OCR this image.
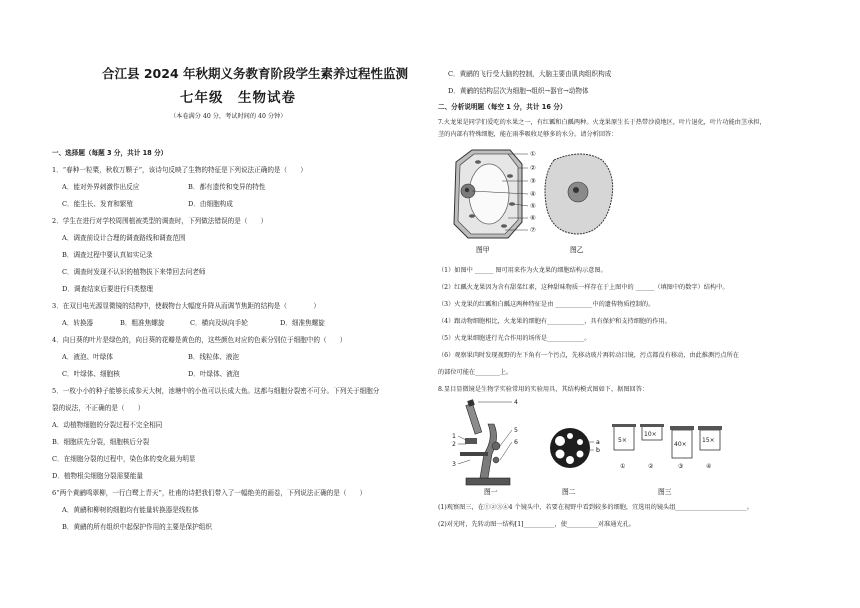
合江县 2024 年秋期义务教育阶段学生素养过程性监测
七年级　生物试卷
（本卷满分 40 分，考试时间的 40 分钟）
一、选择题（每题 3 分，共计 18 分）
1．“春种一粒粟，秋收万颗子”，该诗句反映了生物的特征是下列说法正确的是（　　）
A．能对外界刺激作出反应	B．都有遗传和变异的特性
C．能生长、发育和繁殖	D．由细胞构成
2．学生在进行对学校周围植被类型的调查时，下列做法错误的是（　　）
A．调查前设计合理的调查路线和调查范围
B．调查过程中要认真如实记录
C．调查时发现不认识的植物拔下来带回去问老师
D．调查结束后要进行归类整理
3．在双目电光源显微镜的结构中，使载物台大幅度升降从而调节焦距的结构是（　　　　）
A．转换器	B．粗准焦螺旋	C．横向及纵向手轮	D．细准焦螺旋
4．向日葵的叶片是绿色的，向日葵的花瓣是黄色的，这些颜色对应的色素分别位于细胞中的（　　）
A．液泡、叶绿体	B．线粒体、液泡
C．叶绿体、细胞核	D．叶绿体、液泡
5．一枚小小的种子能够长成参天大树，池塘中的小鱼可以长成大鱼。这都与细胞分裂密不可分。下列关于细胞分
裂的说法，不正确的是（　　）
A．动植物细胞的分裂过程不完全相同
B．细胞质先分裂，细胞核后分裂
C．在细胞分裂的过程中，染色体的变化最为明显
D．植物根尖细胞分裂需要能量
6“两个黄鹂鸣翠柳，一行白鹭上青天”，杜甫的诗把我们带入了一幅绝美的画卷，下列说法正确的是（　　）
A．黄鹂和柳树的细胞均有能量转换器是线粒体
B．黄鹂的所有组织中起保护作用的主要是保护组织
C．黄鹂的飞行受大脑的控制，大脑主要由肌肉组织构成
D．黄鹂的结构层次为细胞→组织→器官→动物体
二、分析说明题（每空 1 分，共计 16 分）
7.火龙果是同学们爱吃的水果之一，有红瓤和白瓤两种。火龙果原生长于热带沙漠地区，叶片退化，叶片功能由茎承担，
茎的内部有特殊细胞，能在雨季吸收足够多的水分。请分析回答：
①
②
③
④
⑤
⑥
⑦
图甲	图乙
（1）如图中 ______ 图可用来作为火龙果的细胞结构示意图。
（2）红瓤火龙果因为含有甜菜红素，这种甜味物质一样存在于上图中的 ______（填图中的数字）结构中。
（3）火龙果的红瓤和白瓤这两种特征是由 ____________中的遗传物质控制的。
（4）跟动物细胞相比，火龙果的细胞有____________，具有保护和支持细胞的作用。
（5）火龙果细胞进行光合作用的场所是____________。
（6）观察果肉时发现视野的左下角有一个污点，先移动玻片再转动目镜，污点都没有移动，由此推测污点所在
的部位可能在________上。
8.显目显微镜是生物学实验常用的实验用具，其结构模式图如下，据图回答：
1
2
3
4
5
6
图一
a
b
图二
5×
10×
40×
15×
①	②	③	④
图三
(1)观察图三，在①②③④4 个镜头中，若要在视野中看到较多的细胞，宜选用的镜头组_______________________。
(2)对光时，先转动图一结构[1]__________，使__________对准通光孔。
